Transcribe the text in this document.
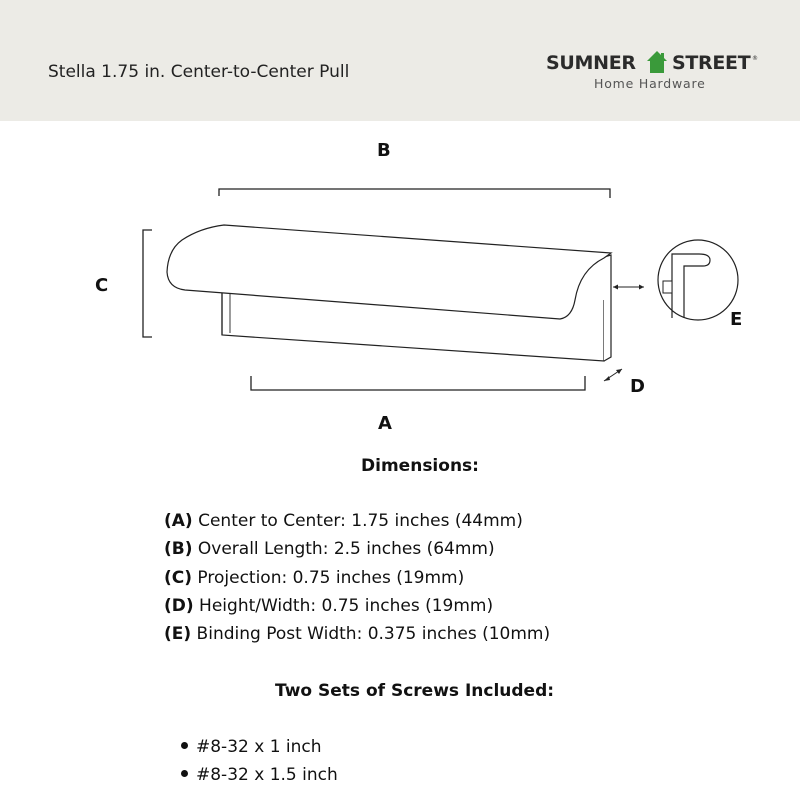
Stella 1.75 in. Center-to-Center Pull	SUMNER STREET ®
Home Hardware
B
C
E
D
A
Dimensions:
(A) Center to Center: 1.75 inches (44mm)
(B) Overall Length: 2.5 inches (64mm)
(C) Projection: 0.75 inches (19mm)
(D) Height/Width: 0.75 inches (19mm)
(E) Binding Post Width: 0.375 inches (10mm)
Two Sets of Screws Included:
#8-32 x 1 inch
#8-32 x 1.5 inch
